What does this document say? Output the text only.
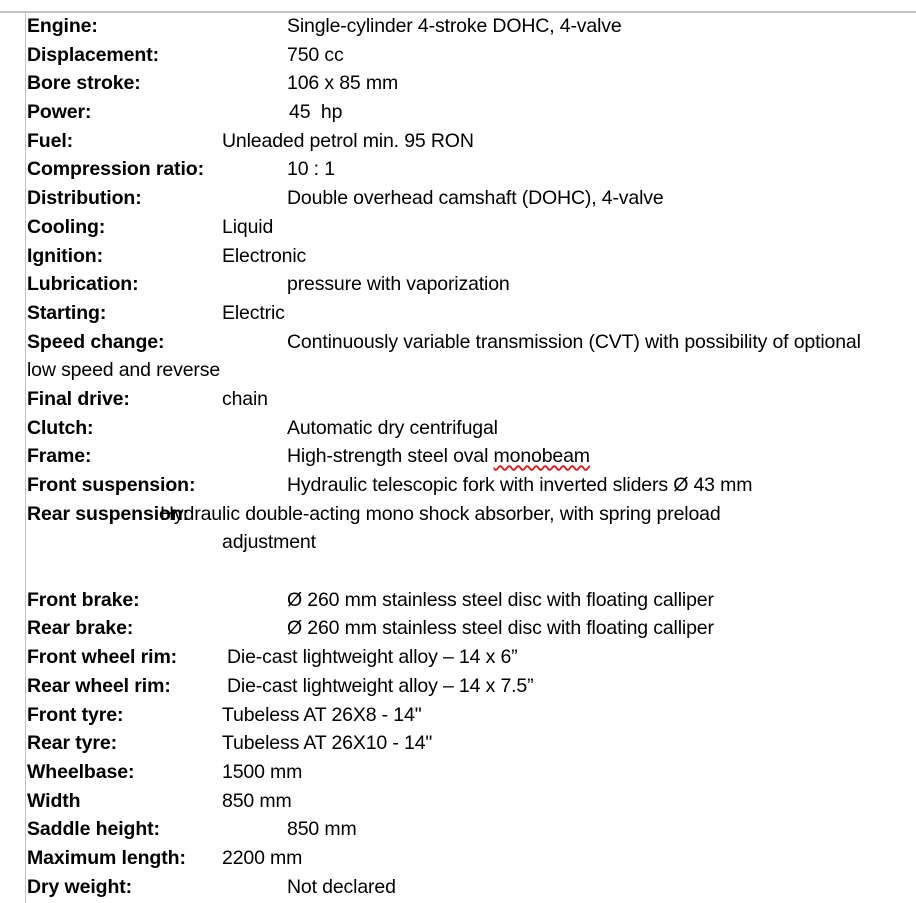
Engine:	Single-cylinder 4-stroke DOHC, 4-valve
Displacement:	750 cc
Bore stroke:	106 x 85 mm
Power:	45  hp
Fuel:	Unleaded petrol min. 95 RON
Compression ratio:	10 : 1
Distribution:	Double overhead camshaft (DOHC), 4-valve
Cooling:	Liquid
Ignition:	Electronic
Lubrication:	pressure with vaporization
Starting:	Electric
Speed change:	Continuously variable transmission (CVT) with possibility of optional
low speed and reverse
Final drive:	chain
Clutch:	Automatic dry centrifugal
Frame:	High-strength steel oval monobeam
Front suspension:	Hydraulic telescopic fork with inverted sliders Ø 43 mm
Rear suspension:
Hydraulic double-acting mono shock absorber, with spring preload
adjustment
Front brake:	Ø 260 mm stainless steel disc with floating calliper
Rear brake:	Ø 260 mm stainless steel disc with floating calliper
Front wheel rim:	Die-cast lightweight alloy – 14 x 6”
Rear wheel rim:	Die-cast lightweight alloy – 14 x 7.5”
Front tyre:	Tubeless AT 26X8 - 14"
Rear tyre:	Tubeless AT 26X10 - 14"
Wheelbase:	1500 mm
Width	850 mm
Saddle height:	850 mm
Maximum length: 2200 mm
Dry weight:	Not declared
